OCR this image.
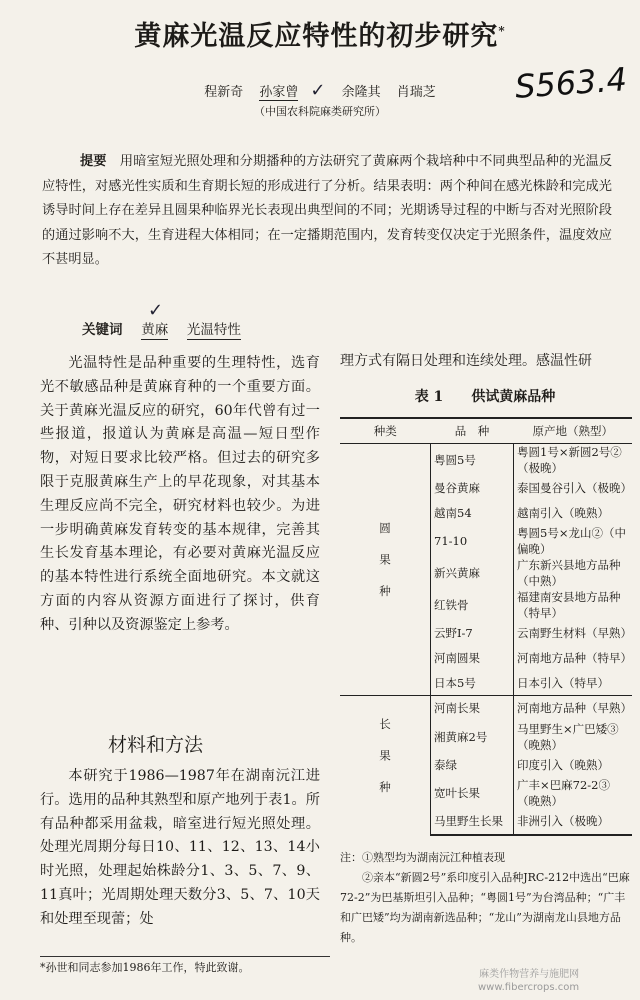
黄麻光温反应特性的初步研究*
S563.4
程新奇 孙家曾 ✓ 余隆其 肖瑞芝
（中国农科院麻类研究所）
提要　 用暗室短光照处理和分期播种的方法研究了黄麻两个栽培种中不同典型品种的光温反应特性，对感光性实质和生育期长短的形成进行了分析。结果表明：两个种间在感光株龄和完成光诱导时间上存在差异且圆果种临界光长表现出典型间的不同；光期诱导过程的中断与否对光照阶段的通过影响不大，生育进程大体相同；在一定播期范围内，发育转变仅决定于光照条件，温度效应不甚明显。
✓
关键词 黄麻 光温特性

光温特性是品种重要的生理特性，选育光不敏感品种是黄麻育种的一个重要方面。关于黄麻光温反应的研究，60年代曾有过一些报道，报道认为黄麻是高温—短日型作物，对短日要求比较严格。但过去的研究多限于克服黄麻生产上的早花现象，对其基本生理反应尚不完全，研究材料也较少。为进一步明确黄麻发育转变的基本规律，完善其生长发育基本理论，有必要对黄麻光温反应的基本特性进行系统全面地研究。本文就这方面的内容从资源方面进行了探讨，供育种、引种以及资源鉴定上参考。

材料和方法

本研究于1986—1987年在湖南沅江进行。选用的品种其熟型和原产地列于表1。所有品种都采用盆栽，暗室进行短光照处理。处理光周期分每日10、11、12、13、14小时光照，处理起始株龄分1、3、5、7、9、11真叶；光周期处理天数分3、5、7、10天和处理至现蕾；处

理方式有隔日处理和连续处理。感温性研
表 1　　 供试黄麻品种
种类	品　种	原产地（熟型）
圆果种	粤圆5号	粤圆1号×新圆2号②（极晚）
	曼谷黄麻	泰国曼谷引入（极晚）
	越南54	越南引入（晚熟）
	71-10	粤圆5号×龙山②（中偏晚）
	新兴黄麻	广东新兴县地方品种（中熟）
	红铁骨	福建南安县地方品种（特早）
	云野Ⅰ-7	云南野生材料（早熟）
	河南圆果	河南地方品种（特早）
	日本5号	日本引入（特早）
长果种	河南长果	河南地方品种（早熟）
	湘黄麻2号	马里野生×广巴矮③（晚熟）
	泰绿	印度引入（晚熟）
	宽叶长果	广丰×巴麻72-2③（晚熟）
	马里野生长果	非洲引入（极晚）

注：①熟型均为湖南沅江种植表现

②亲本“新圆2号”系印度引入品种JRC-212中选出“巴麻72-2”为巴基斯坦引入品种；“粤圆1号”为台湾品种；“广丰和广巴矮”均为湖南新选品种；“龙山”为湖南龙山县地方品种。

*孙世和同志参加1986年工作，特此致谢。
麻类作物营养与施肥网
www.fibercrops.com
